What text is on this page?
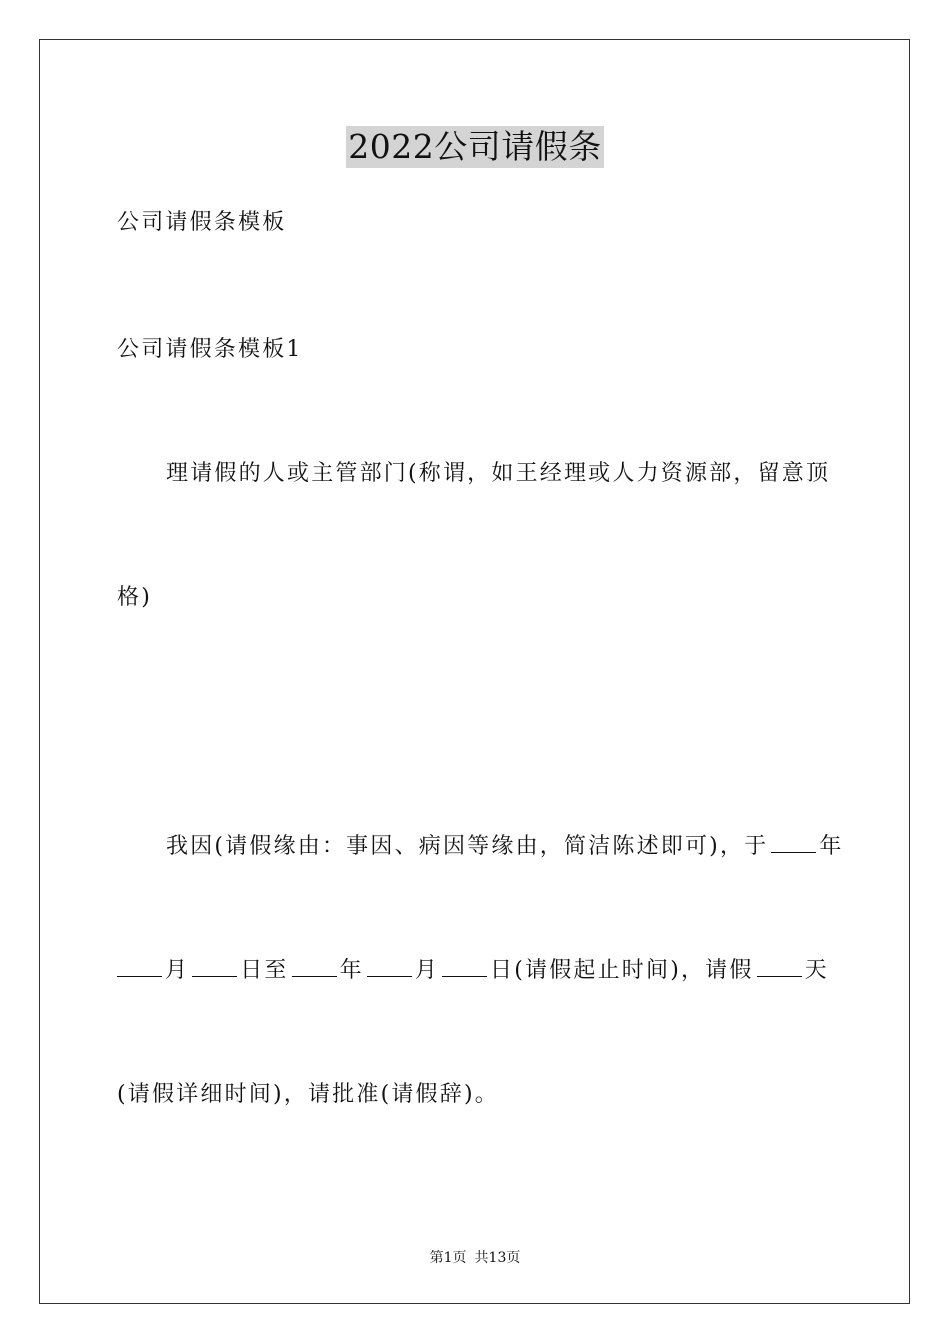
2022公司请假条
公司请假条模板
公司请假条模板1
理请假的人或主管部门(称谓，如王经理或人力资源部，留意顶
格)
我因(请假缘由：事因、病因等缘由，简洁陈述即可)，于 年
月 日至 年 月 日(请假起止时间)，请假 天
(请假详细时间)，请批准(请假辞)。
第1页 共13页
